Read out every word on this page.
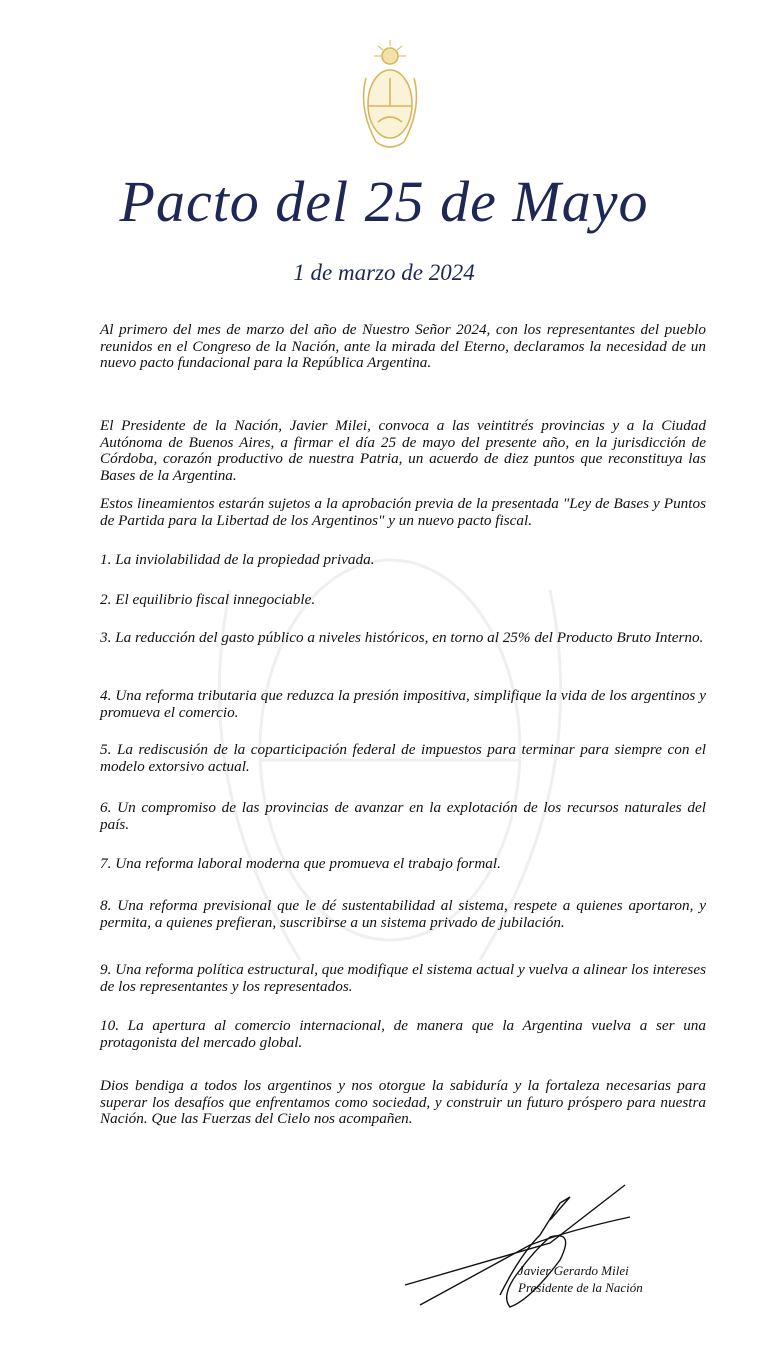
Pacto del 25 de Mayo
1 de marzo de 2024
Al primero del mes de marzo del año de Nuestro Señor 2024, con los representantes del pueblo reunidos en el Congreso de la Nación, ante la mirada del Eterno, declaramos la necesidad de un nuevo pacto fundacional para la República Argentina.
El Presidente de la Nación, Javier Milei, convoca a las veintitrés provincias y a la Ciudad Autónoma de Buenos Aires, a firmar el día 25 de mayo del presente año, en la jurisdicción de Córdoba, corazón productivo de nuestra Patria, un acuerdo de diez puntos que reconstituya las Bases de la Argentina.
Estos lineamientos estarán sujetos a la aprobación previa de la presentada "Ley de Bases y Puntos de Partida para la Libertad de los Argentinos" y un nuevo pacto fiscal.
1. La inviolabilidad de la propiedad privada.
2. El equilibrio fiscal innegociable.
3. La reducción del gasto público a niveles históricos, en torno al 25% del Producto Bruto Interno.
4. Una reforma tributaria que reduzca la presión impositiva, simplifique la vida de los argentinos y promueva el comercio.
5. La rediscusión de la coparticipación federal de impuestos para terminar para siempre con el modelo extorsivo actual.
6. Un compromiso de las provincias de avanzar en la explotación de los recursos naturales del país.
7. Una reforma laboral moderna que promueva el trabajo formal.
8. Una reforma previsional que le dé sustentabilidad al sistema, respete a quienes aportaron, y permita, a quienes prefieran, suscribirse a un sistema privado de jubilación.
9. Una reforma política estructural, que modifique el sistema actual y vuelva a alinear los intereses de los representantes y los representados.
10. La apertura al comercio internacional, de manera que la Argentina vuelva a ser una protagonista del mercado global.
Dios bendiga a todos los argentinos y nos otorgue la sabiduría y la fortaleza necesarias para superar los desafíos que enfrentamos como sociedad, y construir un futuro próspero para nuestra Nación. Que las Fuerzas del Cielo nos acompañen.
Javier Gerardo Milei
Presidente de la Nación
